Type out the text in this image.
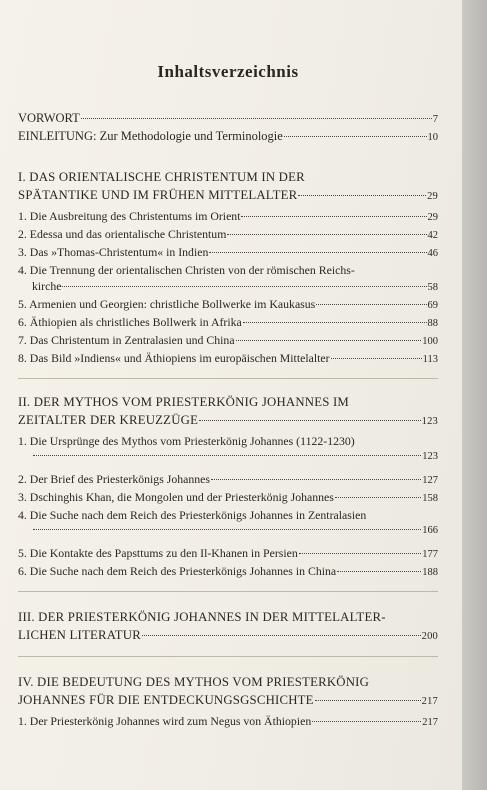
Inhaltsverzeichnis
VORWORT	7
EINLEITUNG: Zur Methodologie und Terminologie	10
I. DAS ORIENTALISCHE CHRISTENTUM IN DER
SPÄTANTIKE UND IM FRÜHEN MITTELALTER	29
1. Die Ausbreitung des Christentums im Orient	29
2. Edessa und das orientalische Christentum	42
3. Das »Thomas-Christentum« in Indien	46
4. Die Trennung der orientalischen Christen von der römischen Reichs-
kirche	58
5. Armenien und Georgien: christliche Bollwerke im Kaukasus	69
6. Äthiopien als christliches Bollwerk in Afrika	88
7. Das Christentum in Zentralasien und China	100
8. Das Bild »Indiens« und Äthiopiens im europäischen Mittelalter	113
II. DER MYTHOS VOM PRIESTERKÖNIG JOHANNES IM
ZEITALTER DER KREUZZÜGE	123
1. Die Ursprünge des Mythos vom Priesterkönig Johannes (1122-1230)
123
2. Der Brief des Priesterkönigs Johannes	127
3. Dschinghis Khan, die Mongolen und der Priesterkönig Johannes	158
4. Die Suche nach dem Reich des Priesterkönigs Johannes in Zentralasien
166
5. Die Kontakte des Papsttums zu den Il-Khanen in Persien	177
6. Die Suche nach dem Reich des Priesterkönigs Johannes in China	188
III. DER PRIESTERKÖNIG JOHANNES IN DER MITTELALTER-
LICHEN LITERATUR	200
IV. DIE BEDEUTUNG DES MYTHOS VOM PRIESTERKÖNIG
JOHANNES FÜR DIE ENTDECKUNGSGSCHICHTE	217
1. Der Priesterkönig Johannes wird zum Negus von Äthiopien	217
